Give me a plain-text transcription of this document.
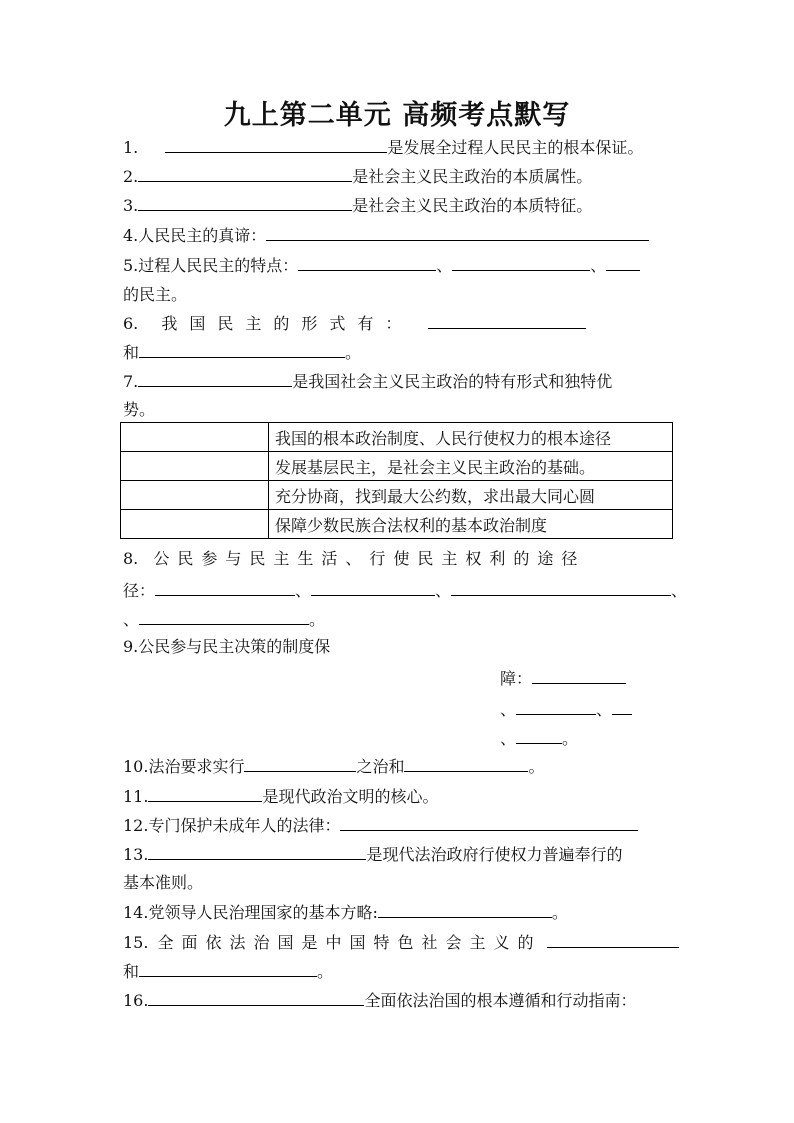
九上第二单元 高频考点默写
1.	是发展全过程人民民主的根本保证。
2.	是社会主义民主政治的本质属性。
3.	是社会主义民主政治的本质特征。
4.人民民主的真谛：
5.过程人民民主的特点：	、	、
的民主。
6. 我国民主的形式有：
和	。
7.	是我国社会主义民主政治的特有形式和独特优
势。
	我国的根本政治制度、人民行使权力的根本途径
	发展基层民主，是社会主义民主政治的基础。
	充分协商，找到最大公约数，求出最大同心圆
	保障少数民族合法权利的基本政治制度
8. 公民参与民主生活、行使民主权利的途径
径：	、	、	、
、	。
9.公民参与民主决策的制度保
障：
、	、
、	。
10.法治要求实行	之治和	。
11.	是现代政治文明的核心。
12.专门保护未成年人的法律：
13.	是现代法治政府行使权力普遍奉行的
基本准则。
14.党领导人民治理国家的基本方略:	。
15. 全面依法治国是中国特色社会主义的
和	。
16.	全面依法治国的根本遵循和行动指南：
